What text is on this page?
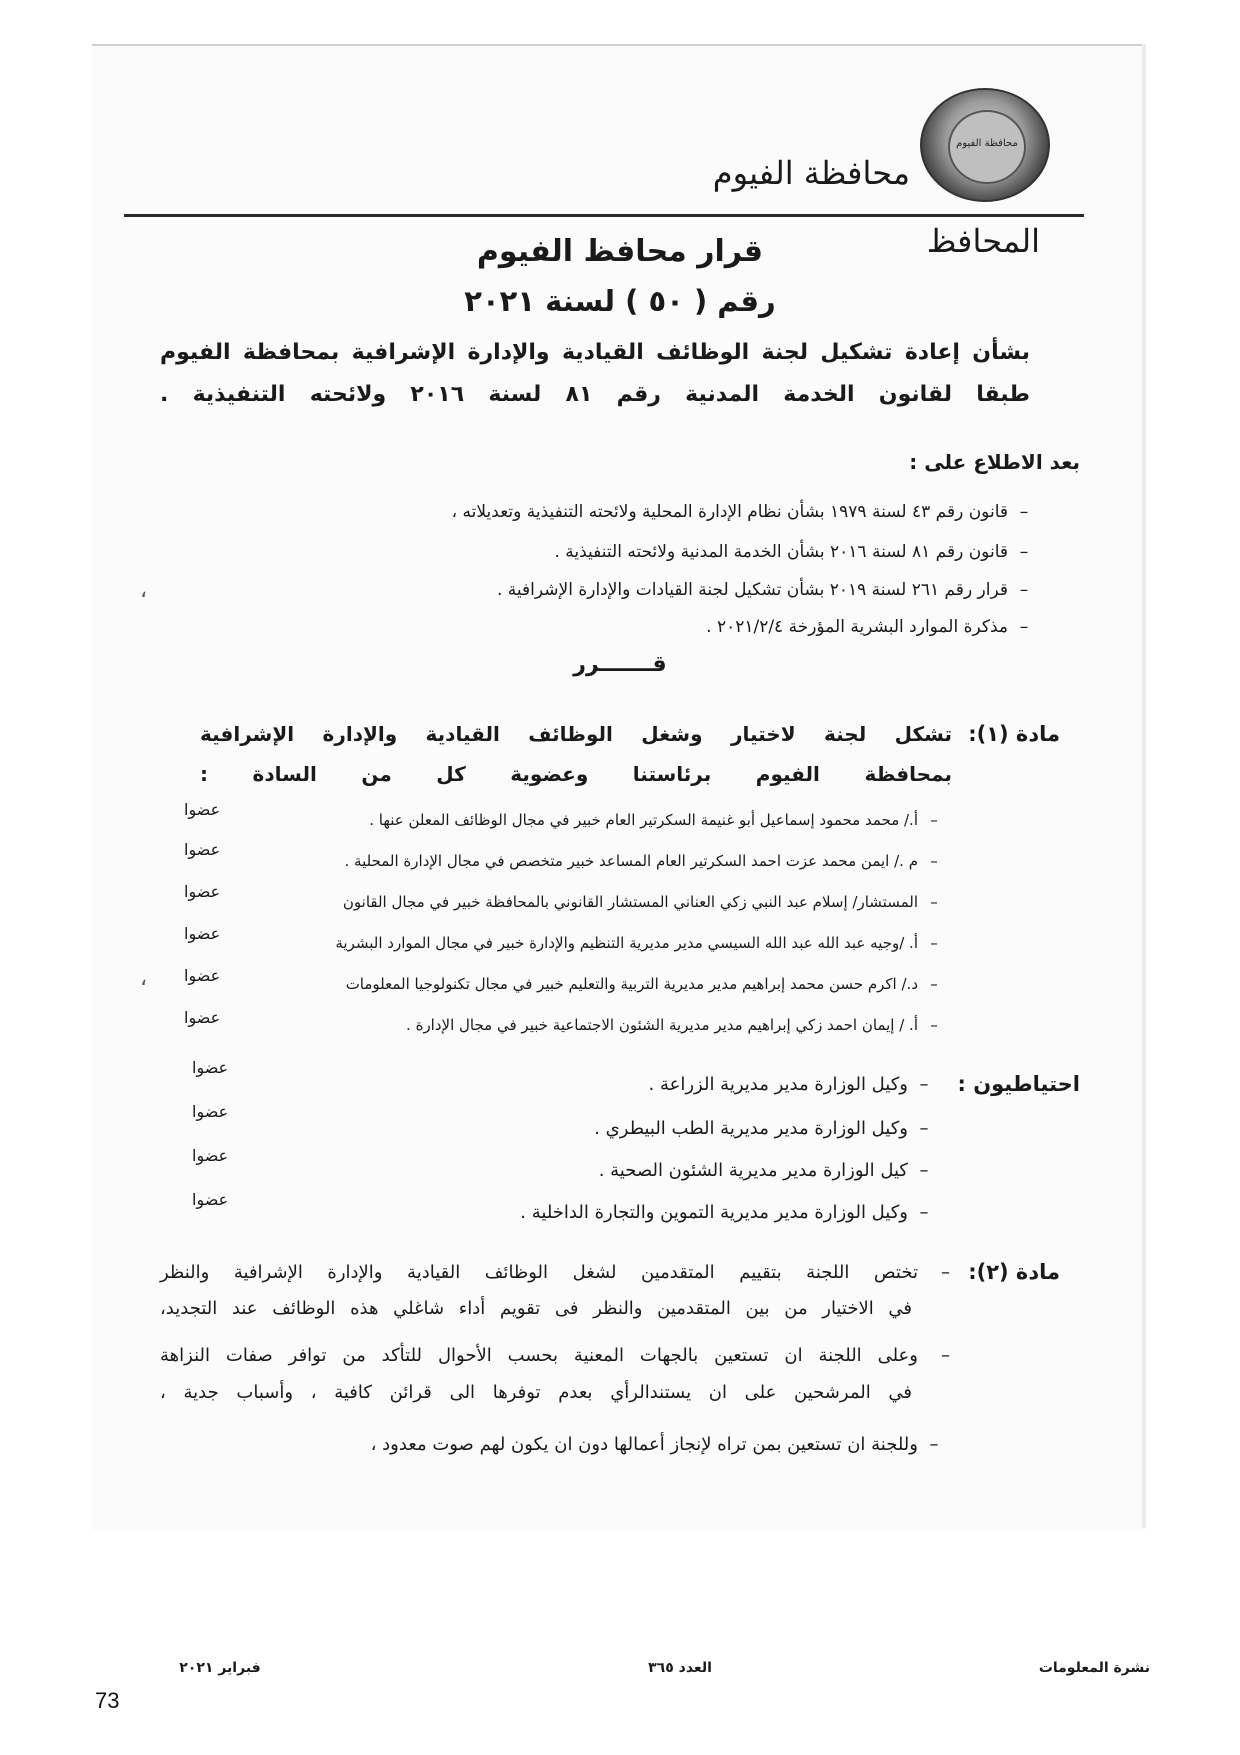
محافظة الفيوم
محافظة الفيوم
المحافظ
قرار محافظ الفيوم
رقم ( ٥٠ ) لسنة ٢٠٢١
بشأن إعادة تشكيل لجنة الوظائف القيادية والإدارة الإشرافية بمحافظة الفيوم
طبقا لقانون الخدمة المدنية رقم ٨١ لسنة ٢٠١٦ ولائحته التنفيذية .
بعد الاطلاع على :
–قانون رقم ٤٣ لسنة ١٩٧٩ بشأن نظام الإدارة المحلية ولائحته التنفيذية وتعديلاته ،
–قانون رقم ٨١ لسنة ٢٠١٦ بشأن الخدمة المدنية ولائحته التنفيذية .
–قرار رقم ٢٦١ لسنة ٢٠١٩ بشأن تشكيل لجنة القيادات والإدارة الإشرافية .
–مذكرة الموارد البشرية المؤرخة ٢٠٢١/٢/٤ .
قـــــــرر
مادة (١):
تشكل لجنة لاختيار وشغل الوظائف القيادية والإدارة الإشرافية
بمحافظة الفيوم برئاستنا وعضوية كل من السادة :
–أ./ محمد محمود إسماعيل أبو غنيمة السكرتير العام خبير في مجال الوظائف المعلن عنها .
عضوا
–م ./ ايمن محمد عزت احمد السكرتير العام المساعد خبير متخصص في مجال الإدارة المحلية .
عضوا
–المستشار/ إسلام عبد النبي زكي العناني المستشار القانوني بالمحافظة خبير في مجال القانون
عضوا
–أ. /وجيه عبد الله عبد الله السيسي مدير مديرية التنظيم والإدارة خبير في مجال الموارد البشرية
عضوا
–د./ اكرم حسن محمد إبراهيم مدير مديرية التربية والتعليم خبير في مجال تكنولوجيا المعلومات
عضوا
–أ. / إيمان احمد زكي إبراهيم مدير مديرية الشئون الاجتماعية خبير في مجال الإدارة .
عضوا
احتياطيون :
–وكيل الوزارة مدير مديرية الزراعة .
عضوا
–وكيل الوزارة مدير مديرية الطب البيطري .
عضوا
–كيل الوزارة مدير مديرية الشئون الصحية .
عضوا
–وكيل الوزارة مدير مديرية التموين والتجارة الداخلية .
عضوا
مادة (٢):
–تختص اللجنة بتقييم المتقدمين لشغل الوظائف القيادية والإدارة الإشرافية والنظر
في الاختيار من بين المتقدمين والنظر فى تقويم أداء شاغلي هذه الوظائف عند التجديد،
–وعلى اللجنة ان تستعين بالجهات المعنية بحسب الأحوال للتأكد من توافر صفات النزاهة
في المرشحين على ان يستندالرأي بعدم توفرها الى قرائن كافية ، وأسباب جدية ،
–وللجنة ان تستعين بمن تراه لإنجاز أعمالها دون ان يكون لهم صوت معدود ،
،
،
نشرة المعلومات
العدد ٣٦٥
فبراير ٢٠٢١
73
